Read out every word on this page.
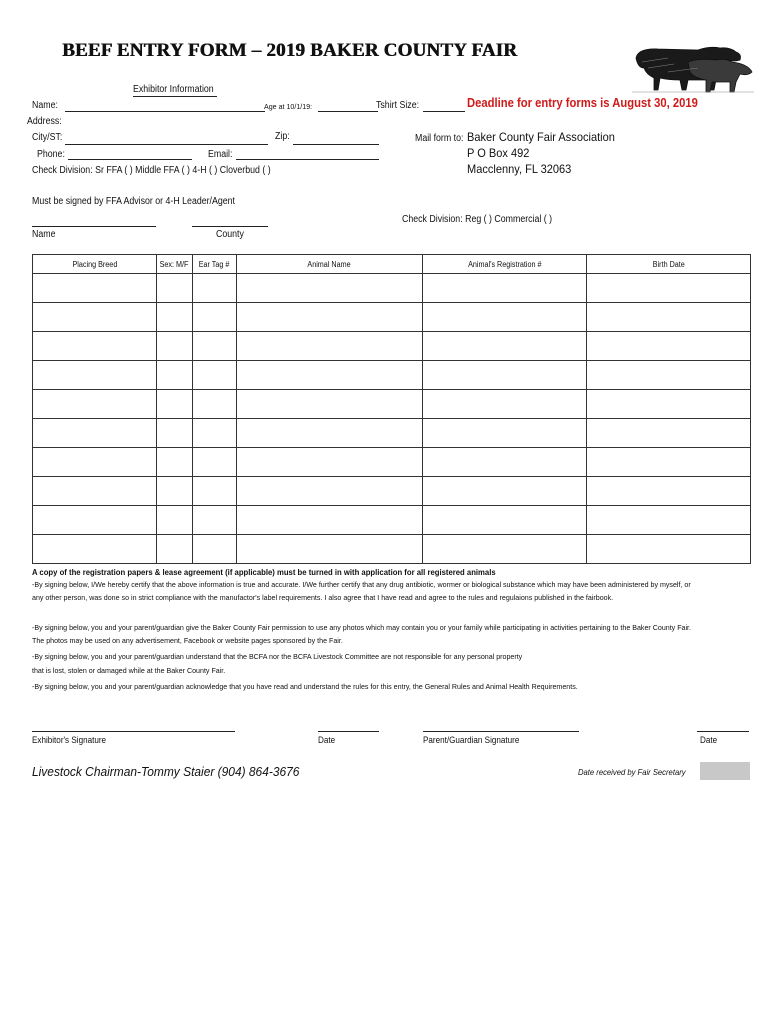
BEEF ENTRY FORM – 2019 BAKER COUNTY FAIR
Exhibitor Information
Name:	Age at 10/1/19:	Tshirt Size:	Deadline for entry forms is August 30, 2019
Address:
City/ST:	Zip:
Phone:	Email:
Check Division: Sr FFA ( ) Middle FFA ( ) 4-H ( ) Cloverbud ( )
Mail form to: Baker County Fair Association
P O Box 492
Macclenny, FL 32063
Must be signed by FFA Advisor or 4-H Leader/Agent
Check Division: Reg ( ) Commercial ( )
Name	County
Placing Breed	Sex: M/F	Ear Tag #	Animal Name	Animal's Registration #	Birth Date

A copy of the registration papers & lease agreement (if applicable) must be turned in with application for all registered animals
-By signing below, I/We hereby certify that the above information is true and accurate. I/We further certify that any drug antibiotic, wormer or biological substance which may have been administered by myself, or
any other person, was done so in strict compliance with the manufactor's label requirements. I also agree that I have read and agree to the rules and regulaions published in the fairbook.
-By signing below, you and your parent/guardian give the Baker County Fair permission to use any photos which may contain you or your family while participating in activities pertaining to the Baker County Fair.
The photos may be used on any advertisement, Facebook or website pages sponsored by the Fair.
-By signing below, you and your parent/guardian understand that the BCFA nor the BCFA Livestock Committee are not responsible for any personal property
that is lost, stolen or damaged while at the Baker County Fair.
-By signing below, you and your parent/guardian acknowledge that you have read and understand the rules for this entry, the General Rules and Animal Health Requirements.
Exhibitor's Signature	Date	Parent/Guardian Signature	Date
Livestock Chairman-Tommy Staier (904) 864-3676	Date received by Fair Secretary
